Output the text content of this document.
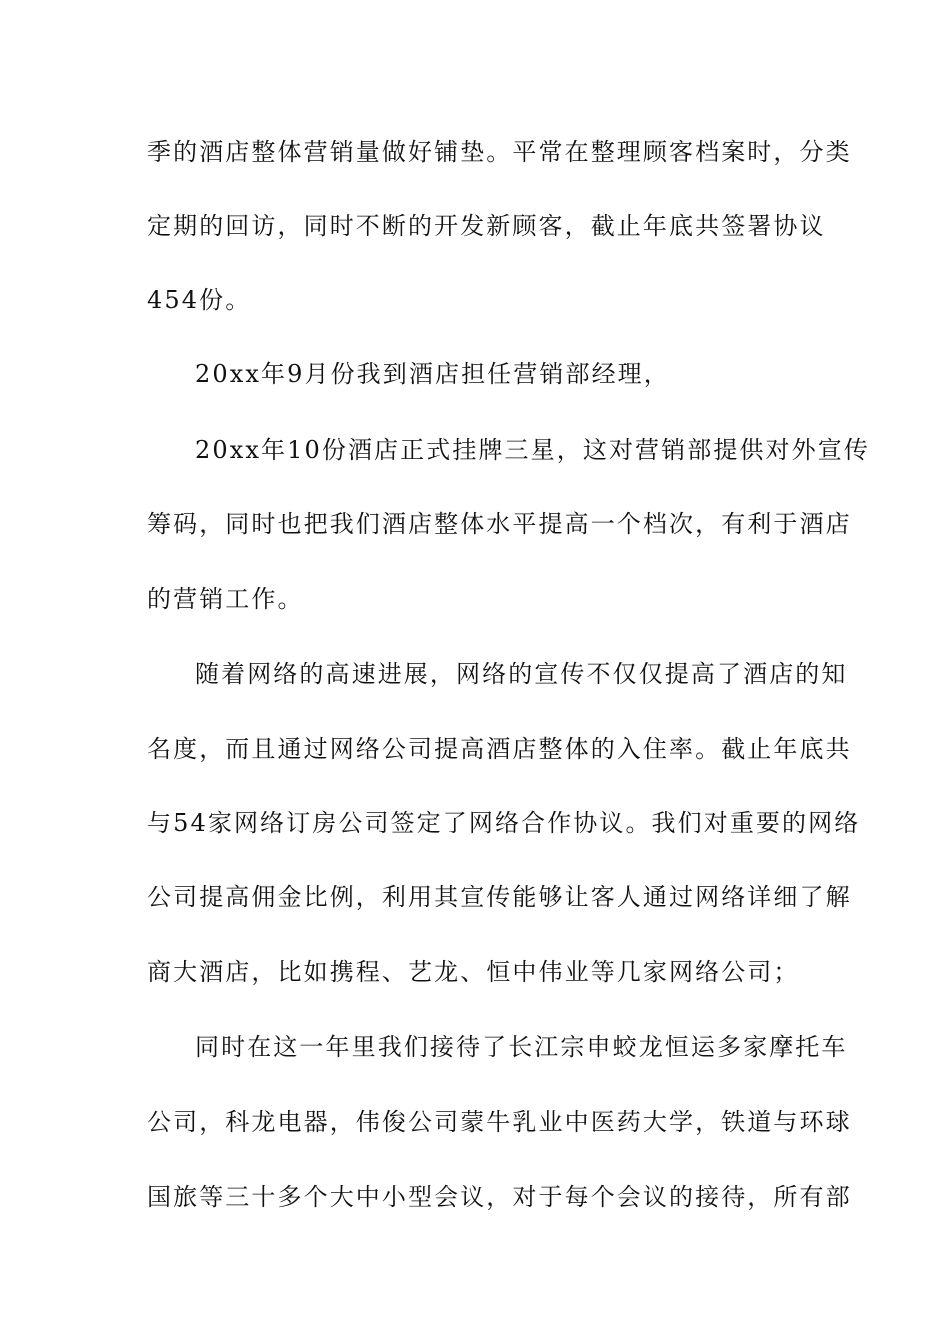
季的酒店整体营销量做好铺垫。平常在整理顾客档案时，分类
定期的回访，同时不断的开发新顾客，截止年底共签署协议
454份。
20xx年9月份我到酒店担任营销部经理，
20xx年10份酒店正式挂牌三星，这对营销部提供对外宣传
筹码，同时也把我们酒店整体水平提高一个档次，有利于酒店
的营销工作。
随着网络的高速进展，网络的宣传不仅仅提高了酒店的知
名度，而且通过网络公司提高酒店整体的入住率。截止年底共
与54家网络订房公司签定了网络合作协议。我们对重要的网络
公司提高佣金比例，利用其宣传能够让客人通过网络详细了解
商大酒店，比如携程、艺龙、恒中伟业等几家网络公司；
同时在这一年里我们接待了长江宗申蛟龙恒运多家摩托车
公司，科龙电器，伟俊公司蒙牛乳业中医药大学，铁道与环球
国旅等三十多个大中小型会议，对于每个会议的接待，所有部
